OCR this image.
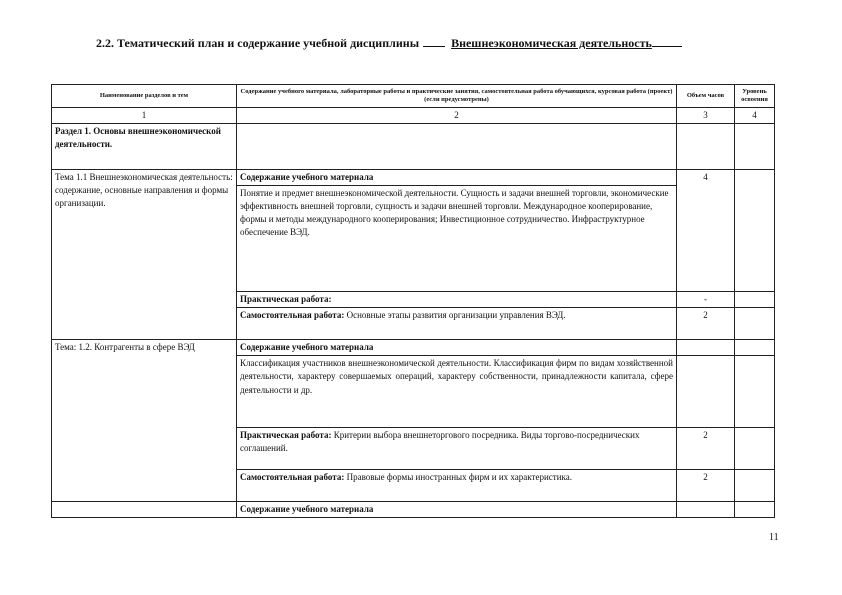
2.2. Тематический план и содержание учебной дисциплины	Внешнеэкономическая деятельность
Наименование разделов и тем	Содержание учебного материала, лабораторные работы и практические занятия, самостоятельная работа обучающихся, курсовая работа (проект) (если предусмотрены)	Объем часов	Уровень освоения
1	2	3	4
Раздел 1. Основы внешнеэкономической деятельности.			
Тема 1.1 Внешнеэкономическая деятельность: содержание, основные направления и формы организации.	Содержание учебного материала	4	
	Понятие и предмет внешнеэкономической деятельности. Сущность и задачи внешней торговли, экономические эффективность внешней торговли, сущность и задачи внешней торговли. Международное кооперирование, формы и методы международного кооперирования; Инвестиционное сотрудничество. Инфраструктурное обеспечение ВЭД.		
	Практическая работа:	-	
	Самостоятельная работа: Основные этапы развития организации управления ВЭД.	2	
Тема: 1.2. Контрагенты в сфере ВЭД	Содержание учебного материала		
	Классификация участников внешнеэкономической деятельности. Классификация фирм по видам хозяйственной деятельности, характеру совершаемых операций, характеру собственности, принадлежности капитала, сфере деятельности и др.		
	Практическая работа: Критерии выбора внешнеторгового посредника. Виды торгово-посреднических соглашений.	2	
	Самостоятельная работа: Правовые формы иностранных фирм и их характеристика.	2	
	Содержание учебного материала		
11
